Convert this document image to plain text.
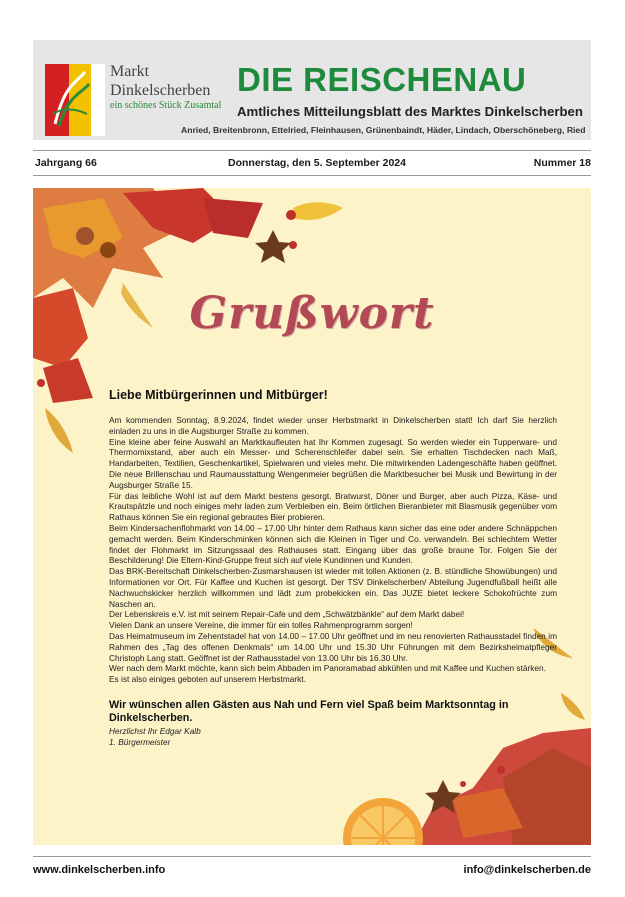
Markt
Dinkelscherben
ein schönes Stück Zusamtal
DIE REISCHENAU
Amtliches Mitteilungsblatt des Marktes Dinkelscherben
Anried, Breitenbronn, Ettelried, Fleinhausen, Grünenbaindt, Häder, Lindach, Oberschöneberg, Ried
Jahrgang 66	Donnerstag, den 5. September 2024	Nummer 18
Grußwort
Liebe Mitbürgerinnen und Mitbürger!

Am kommenden Sonntag, 8.9.2024, findet wieder unser Herbstmarkt in Dinkelscherben statt! Ich darf Sie herzlich einladen zu uns in die Augsburger Straße zu kommen.

Eine kleine aber feine Auswahl an Marktkaufleuten hat Ihr Kommen zugesagt. So werden wieder ein Tupperware- und Thermomixstand, aber auch ein Messer- und Scherenschleifer dabei sein. Sie erhalten Tischdecken nach Maß, Handarbeiten, Textilien, Geschenkartikel, Spielwaren und vieles mehr. Die mitwirkenden Ladengeschäfte haben geöffnet. Die neue Brillenschau und Raumausstattung Wengenmeier begrüßen die Marktbesucher bei Musik und Bewirtung in der Augsburger Straße 15.

Für das leibliche Wohl ist auf dem Markt bestens gesorgt. Bratwurst, Döner und Burger, aber auch Pizza, Käse- und Krautspätzle und noch einiges mehr laden zum Verbleiben ein. Beim örtlichen Bieranbieter mit Blasmusik gegenüber vom Rathaus können Sie ein regional gebrautes Bier probieren.

Beim Kindersachenflohmarkt von 14.00 – 17.00 Uhr hinter dem Rathaus kann sicher das eine oder andere Schnäppchen gemacht werden. Beim Kinderschminken können sich die Kleinen in Tiger und Co. verwandeln. Bei schlechtem Wetter findet der Flohmarkt im Sitzungssaal des Rathauses statt. Eingang über das große braune Tor. Folgen Sie der Beschilderung! Die Eltern-Kind-Gruppe freut sich auf viele Kundinnen und Kunden.

Das BRK-Bereitschaft Dinkelscherben-Zusmarshausen ist wieder mit tollen Aktionen (z. B. stündliche Showübungen) und Informationen vor Ort. Für Kaffee und Kuchen ist gesorgt. Der TSV Dinkelscherben/ Abteilung Jugendfußball heißt alle Nachwuchskicker herzlich willkommen und lädt zum probekicken ein. Das JUZE bietet leckere Schokofrüchte zum Naschen an.

Der Lebenskreis e.V. ist mit seinem Repair-Cafe und dem „Schwätzbänkle“ auf dem Markt dabei!

Vielen Dank an unsere Vereine, die immer für ein tolles Rahmenprogramm sorgen!

Das Heimatmuseum im Zehentstadel hat von 14.00 – 17.00 Uhr geöffnet und im neu renovierten Rathausstadel finden im Rahmen des „Tag des offenen Denkmals“ um 14.00 Uhr und 15.30 Uhr Führungen mit dem Bezirksheimatpfleger Christoph Lang statt. Geöffnet ist der Rathausstadel von 13.00 Uhr bis 16.30 Uhr.

Wer nach dem Markt möchte, kann sich beim Abbaden im Panoramabad abkühlen und mit Kaffee und Kuchen stärken.

Es ist also einiges geboten auf unserem Herbstmarkt.

Wir wünschen allen Gästen aus Nah und Fern viel Spaß beim Marktsonntag in Dinkelscherben.
Herzlichst Ihr Edgar Kalb
1. Bürgermeister
www.dinkelscherben.info	info@dinkelscherben.de
